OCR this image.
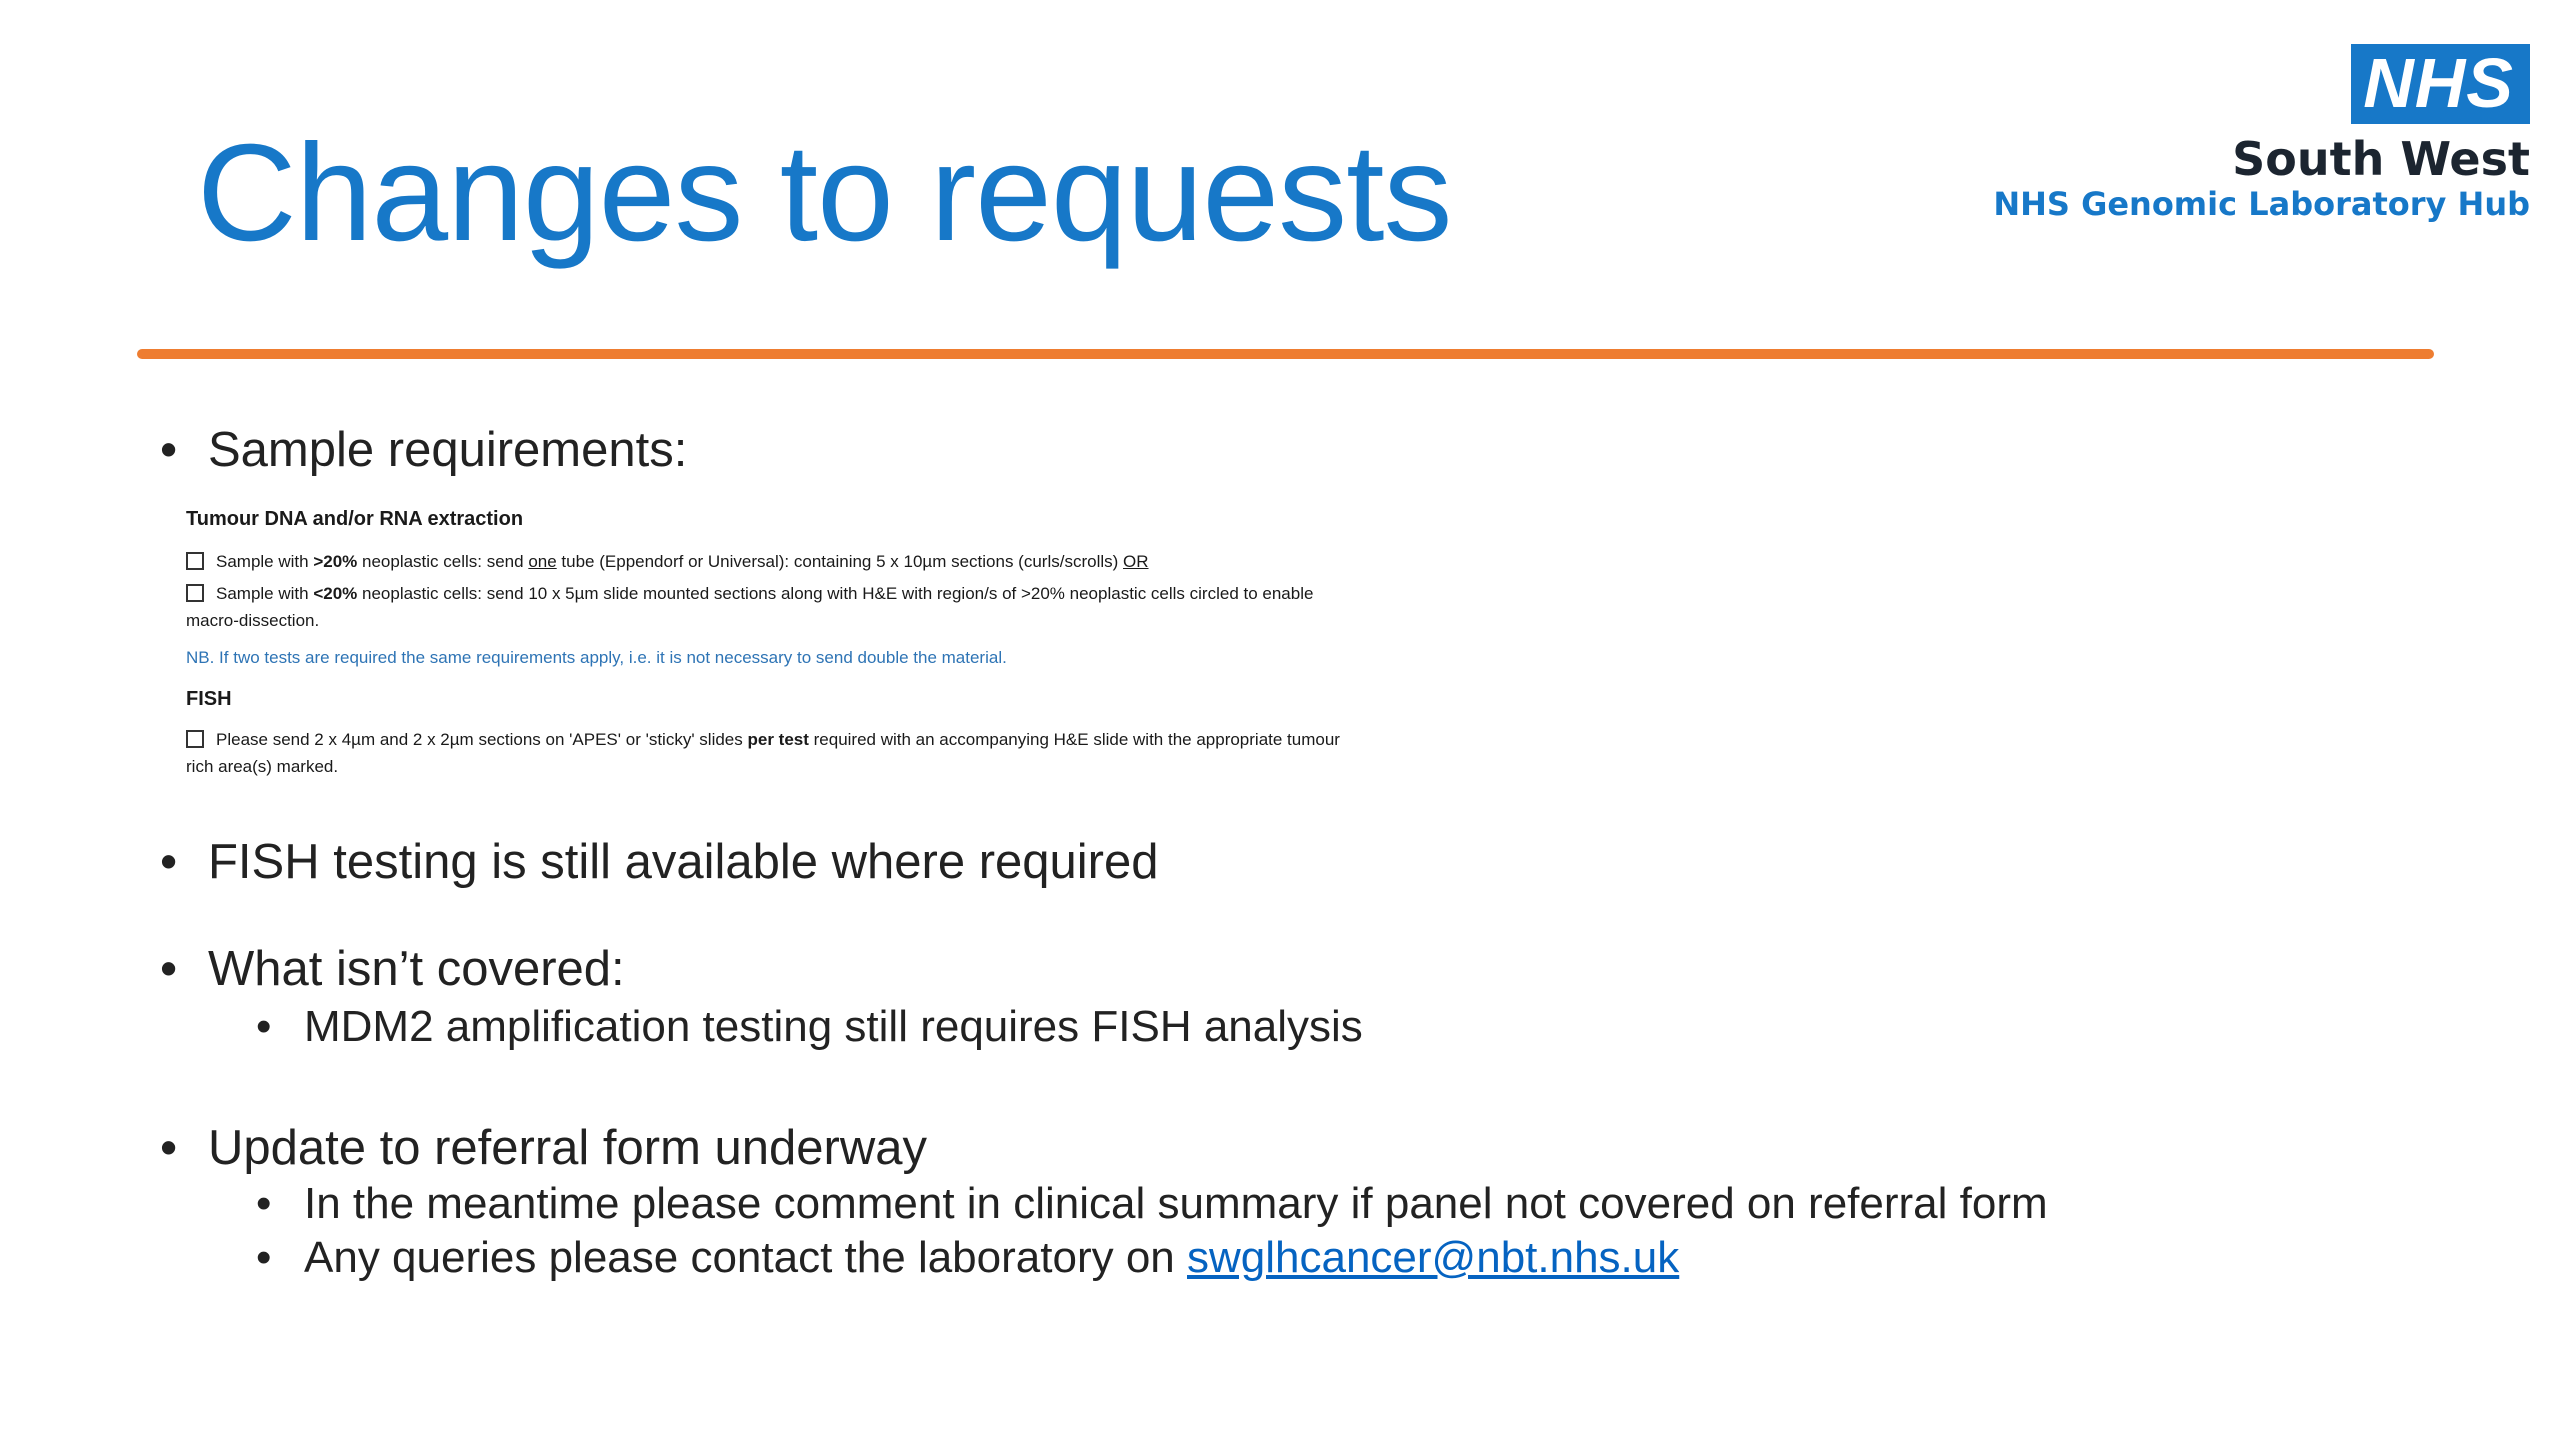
Changes to requests
NHS
South West
NHS Genomic Laboratory Hub
• Sample requirements:
Tumour DNA and/or RNA extraction
Sample with >20% neoplastic cells: send one tube (Eppendorf or Universal): containing 5 x 10µm sections (curls/scrolls) OR
Sample with <20% neoplastic cells: send 10 x 5µm slide mounted sections along with H&E with region/s of >20% neoplastic cells circled to enable macro-dissection.
NB. If two tests are required the same requirements apply, i.e. it is not necessary to send double the material.
FISH
Please send 2 x 4µm and 2 x 2µm sections on 'APES' or 'sticky' slides per test required with an accompanying H&E slide with the appropriate tumour rich area(s) marked.
• FISH testing is still available where required
• What isn’t covered:
• MDM2 amplification testing still requires FISH analysis
• Update to referral form underway
• In the meantime please comment in clinical summary if panel not covered on referral form
• Any queries please contact the laboratory on swglhcancer@nbt.nhs.uk
